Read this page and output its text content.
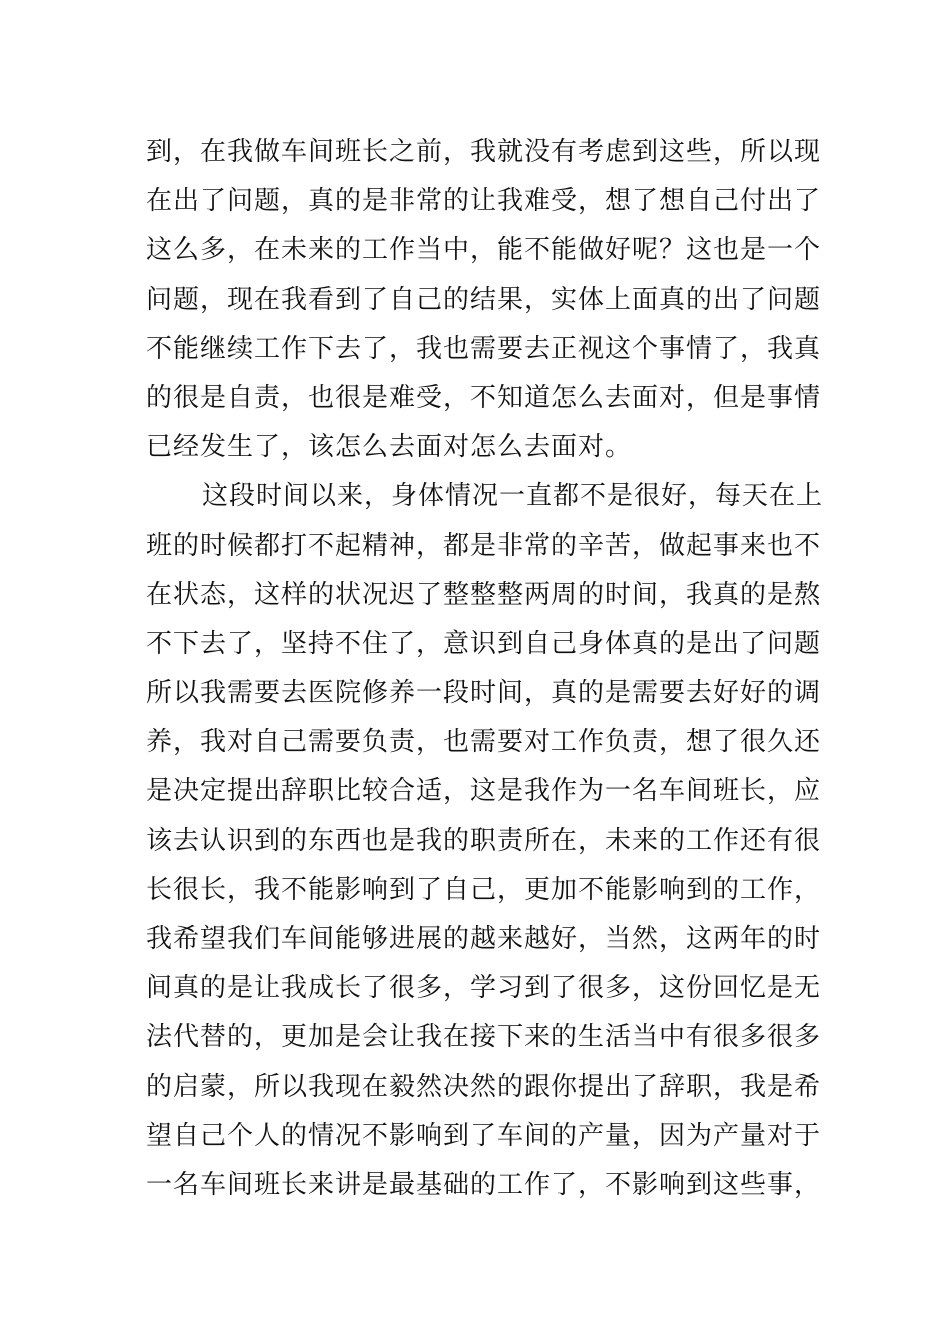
到，在我做车间班长之前，我就没有考虑到这些，所以现
在出了问题，真的是非常的让我难受，想了想自己付出了
这么多，在未来的工作当中，能不能做好呢？这也是一个
问题，现在我看到了自己的结果，实体上面真的出了问题
不能继续工作下去了，我也需要去正视这个事情了，我真
的很是自责，也很是难受，不知道怎么去面对，但是事情
已经发生了，该怎么去面对怎么去面对。
这段时间以来，身体情况一直都不是很好，每天在上
班的时候都打不起精神，都是非常的辛苦，做起事来也不
在状态，这样的状况迟了整整整两周的时间，我真的是熬
不下去了，坚持不住了，意识到自己身体真的是出了问题
所以我需要去医院修养一段时间，真的是需要去好好的调
养，我对自己需要负责，也需要对工作负责，想了很久还
是决定提出辞职比较合适，这是我作为一名车间班长，应
该去认识到的东西也是我的职责所在，未来的工作还有很
长很长，我不能影响到了自己，更加不能影响到的工作，
我希望我们车间能够进展的越来越好，当然，这两年的时
间真的是让我成长了很多，学习到了很多，这份回忆是无
法代替的，更加是会让我在接下来的生活当中有很多很多
的启蒙，所以我现在毅然决然的跟你提出了辞职，我是希
望自己个人的情况不影响到了车间的产量，因为产量对于
一名车间班长来讲是最基础的工作了，不影响到这些事，
